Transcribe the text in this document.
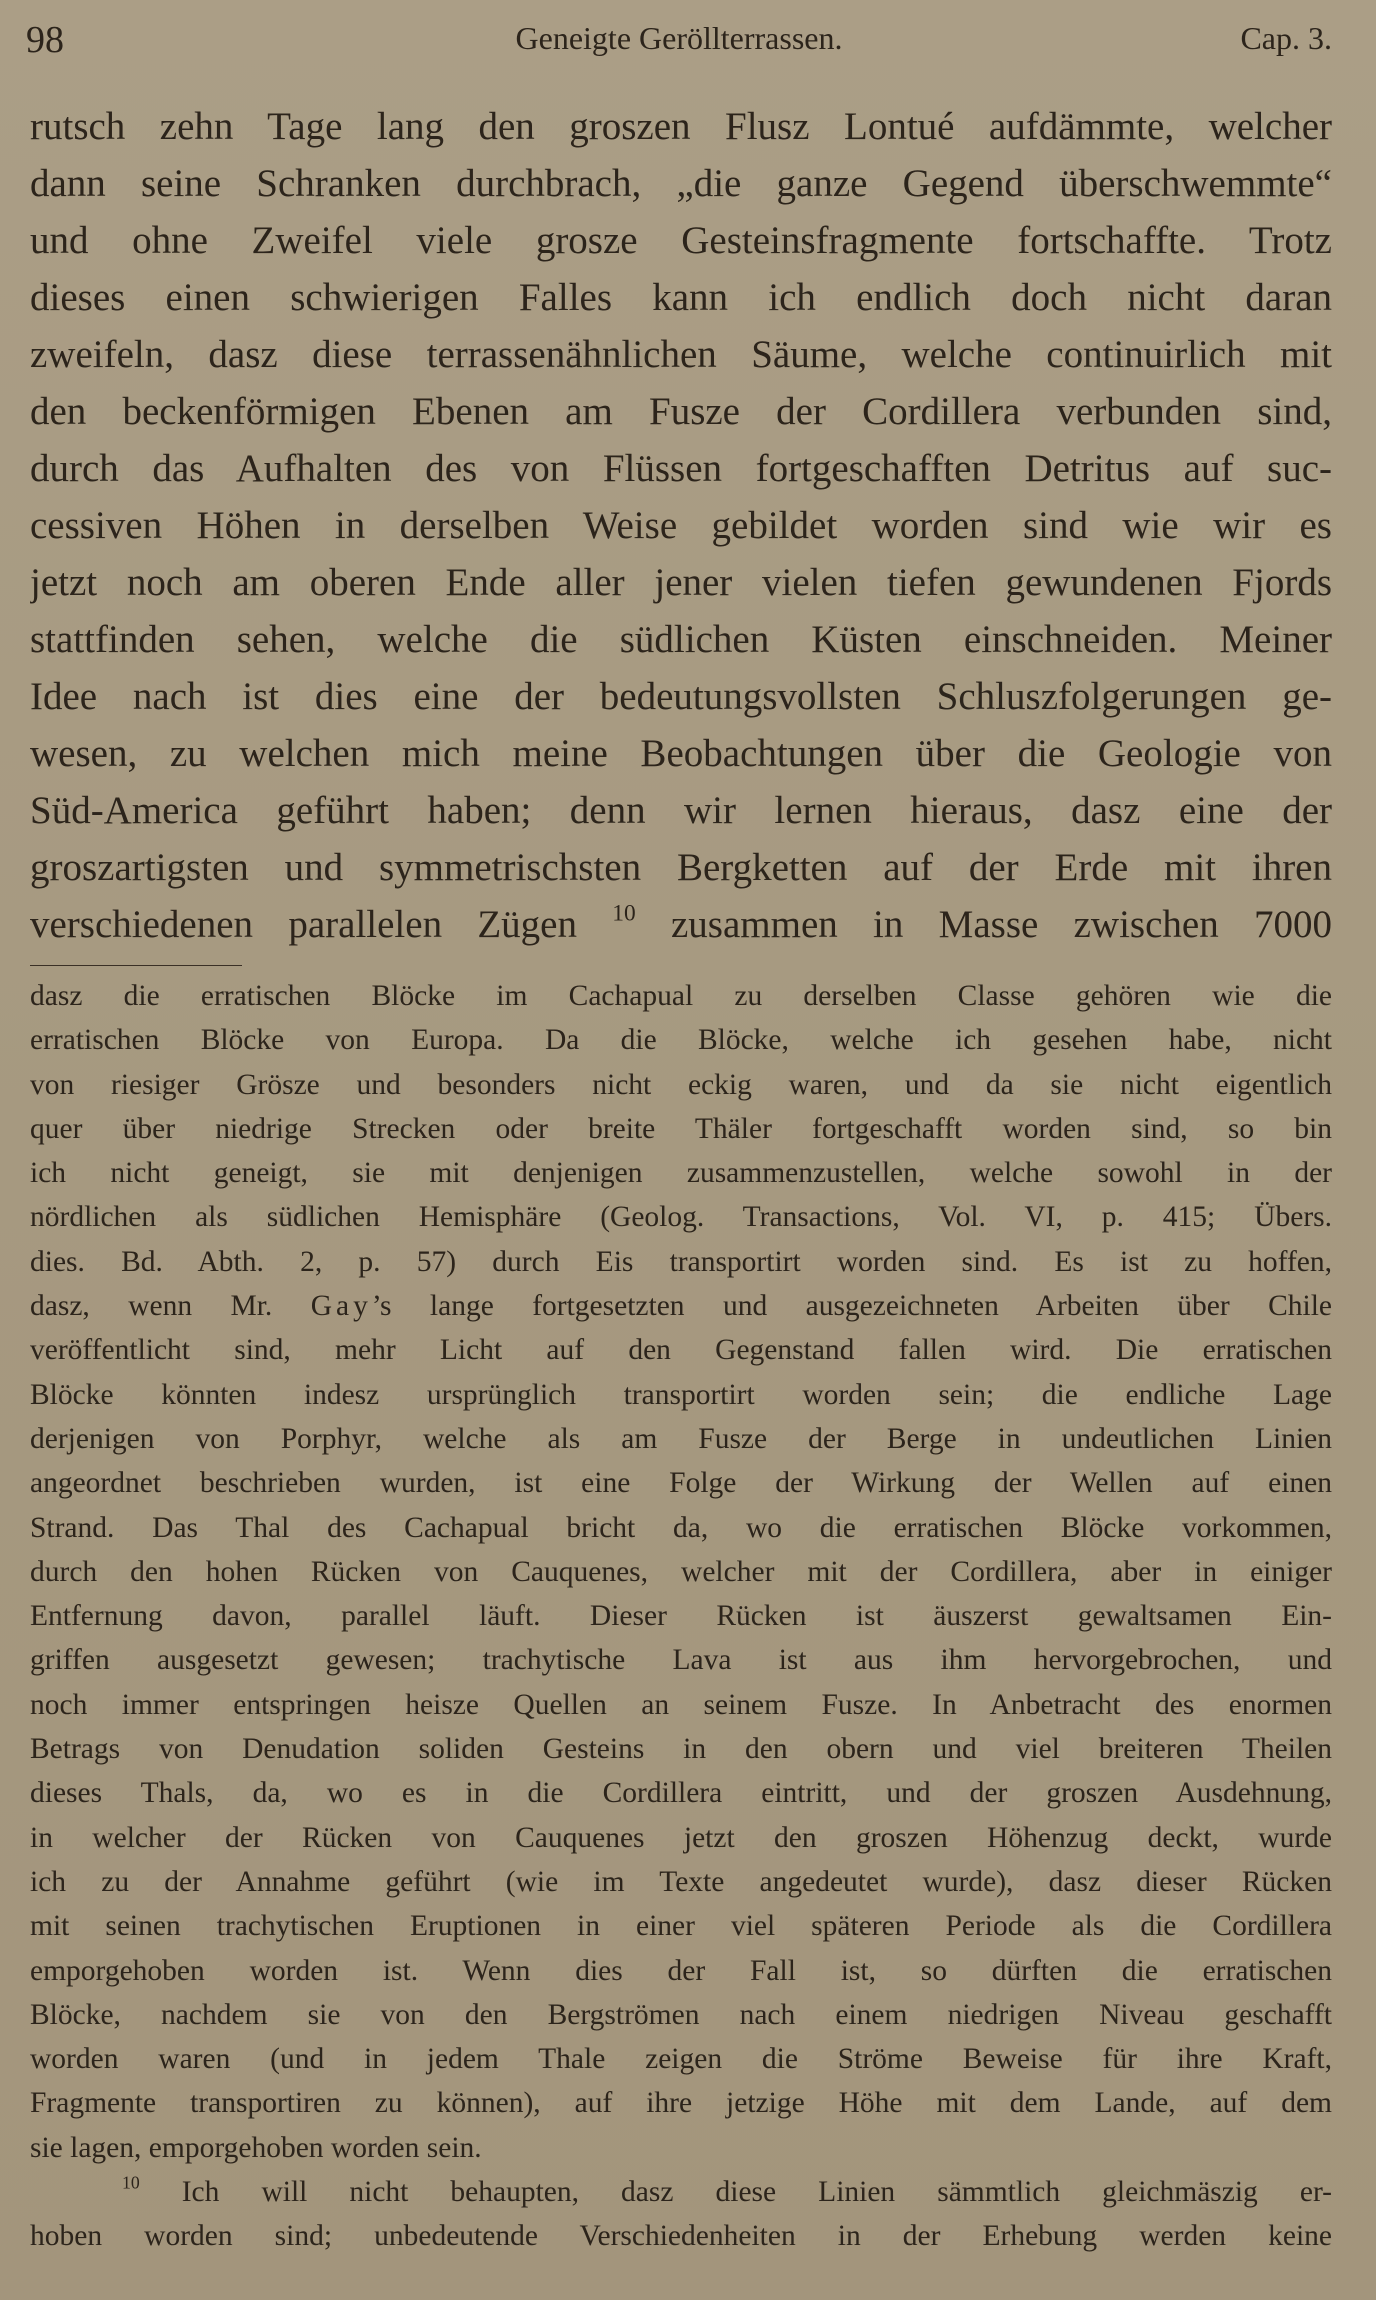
98	Geneigte Geröllterrassen.	Cap. 3.
rutsch zehn Tage lang den groszen Flusz Lontué aufdämmte, welcher
dann seine Schranken durchbrach, „die ganze Gegend überschwemmte“
und ohne Zweifel viele grosze Gesteinsfragmente fortschaffte. Trotz
dieses einen schwierigen Falles kann ich endlich doch nicht daran
zweifeln, dasz diese terrassenähnlichen Säume, welche continuirlich mit
den beckenförmigen Ebenen am Fusze der Cordillera verbunden sind,
durch das Aufhalten des von Flüssen fortgeschafften Detritus auf suc-
cessiven Höhen in derselben Weise gebildet worden sind wie wir es
jetzt noch am oberen Ende aller jener vielen tiefen gewundenen Fjords
stattfinden sehen, welche die südlichen Küsten einschneiden. Meiner
Idee nach ist dies eine der bedeutungsvollsten Schluszfolgerungen ge-
wesen, zu welchen mich meine Beobachtungen über die Geologie von
Süd-America geführt haben; denn wir lernen hieraus, dasz eine der
groszartigsten und symmetrischsten Bergketten auf der Erde mit ihren
verschiedenen parallelen Zügen $^{10}$ zusammen in Masse zwischen 7000
dasz die erratischen Blöcke im Cachapual zu derselben Classe gehören wie die
erratischen Blöcke von Europa. Da die Blöcke, welche ich gesehen habe, nicht
von riesiger Grösze und besonders nicht eckig waren, und da sie nicht eigentlich
quer über niedrige Strecken oder breite Thäler fortgeschafft worden sind, so bin
ich nicht geneigt, sie mit denjenigen zusammenzustellen, welche sowohl in der
nördlichen als südlichen Hemisphäre (Geolog. Transactions, Vol. VI, p. 415; Übers.
dies. Bd. Abth. 2, p. 57) durch Eis transportirt worden sind. Es ist zu hoffen,
dasz, wenn Mr. Gay’s lange fortgesetzten und ausgezeichneten Arbeiten über Chile
veröffentlicht sind, mehr Licht auf den Gegenstand fallen wird. Die erratischen
Blöcke könnten indesz ursprünglich transportirt worden sein; die endliche Lage
derjenigen von Porphyr, welche als am Fusze der Berge in undeutlichen Linien
angeordnet beschrieben wurden, ist eine Folge der Wirkung der Wellen auf einen
Strand. Das Thal des Cachapual bricht da, wo die erratischen Blöcke vorkommen,
durch den hohen Rücken von Cauquenes, welcher mit der Cordillera, aber in einiger
Entfernung davon, parallel läuft. Dieser Rücken ist äuszerst gewaltsamen Ein-
griffen ausgesetzt gewesen; trachytische Lava ist aus ihm hervorgebrochen, und
noch immer entspringen heisze Quellen an seinem Fusze. In Anbetracht des enormen
Betrags von Denudation soliden Gesteins in den obern und viel breiteren Theilen
dieses Thals, da, wo es in die Cordillera eintritt, und der groszen Ausdehnung,
in welcher der Rücken von Cauquenes jetzt den groszen Höhenzug deckt, wurde
ich zu der Annahme geführt (wie im Texte angedeutet wurde), dasz dieser Rücken
mit seinen trachytischen Eruptionen in einer viel späteren Periode als die Cordillera
emporgehoben worden ist. Wenn dies der Fall ist, so dürften die erratischen
Blöcke, nachdem sie von den Bergströmen nach einem niedrigen Niveau geschafft
worden waren (und in jedem Thale zeigen die Ströme Beweise für ihre Kraft,
Fragmente transportiren zu können), auf ihre jetzige Höhe mit dem Lande, auf dem
sie lagen, emporgehoben worden sein.
$^{10}$ Ich will nicht behaupten, dasz diese Linien sämmtlich gleichmäszig er-
hoben worden sind; unbedeutende Verschiedenheiten in der Erhebung werden keine
